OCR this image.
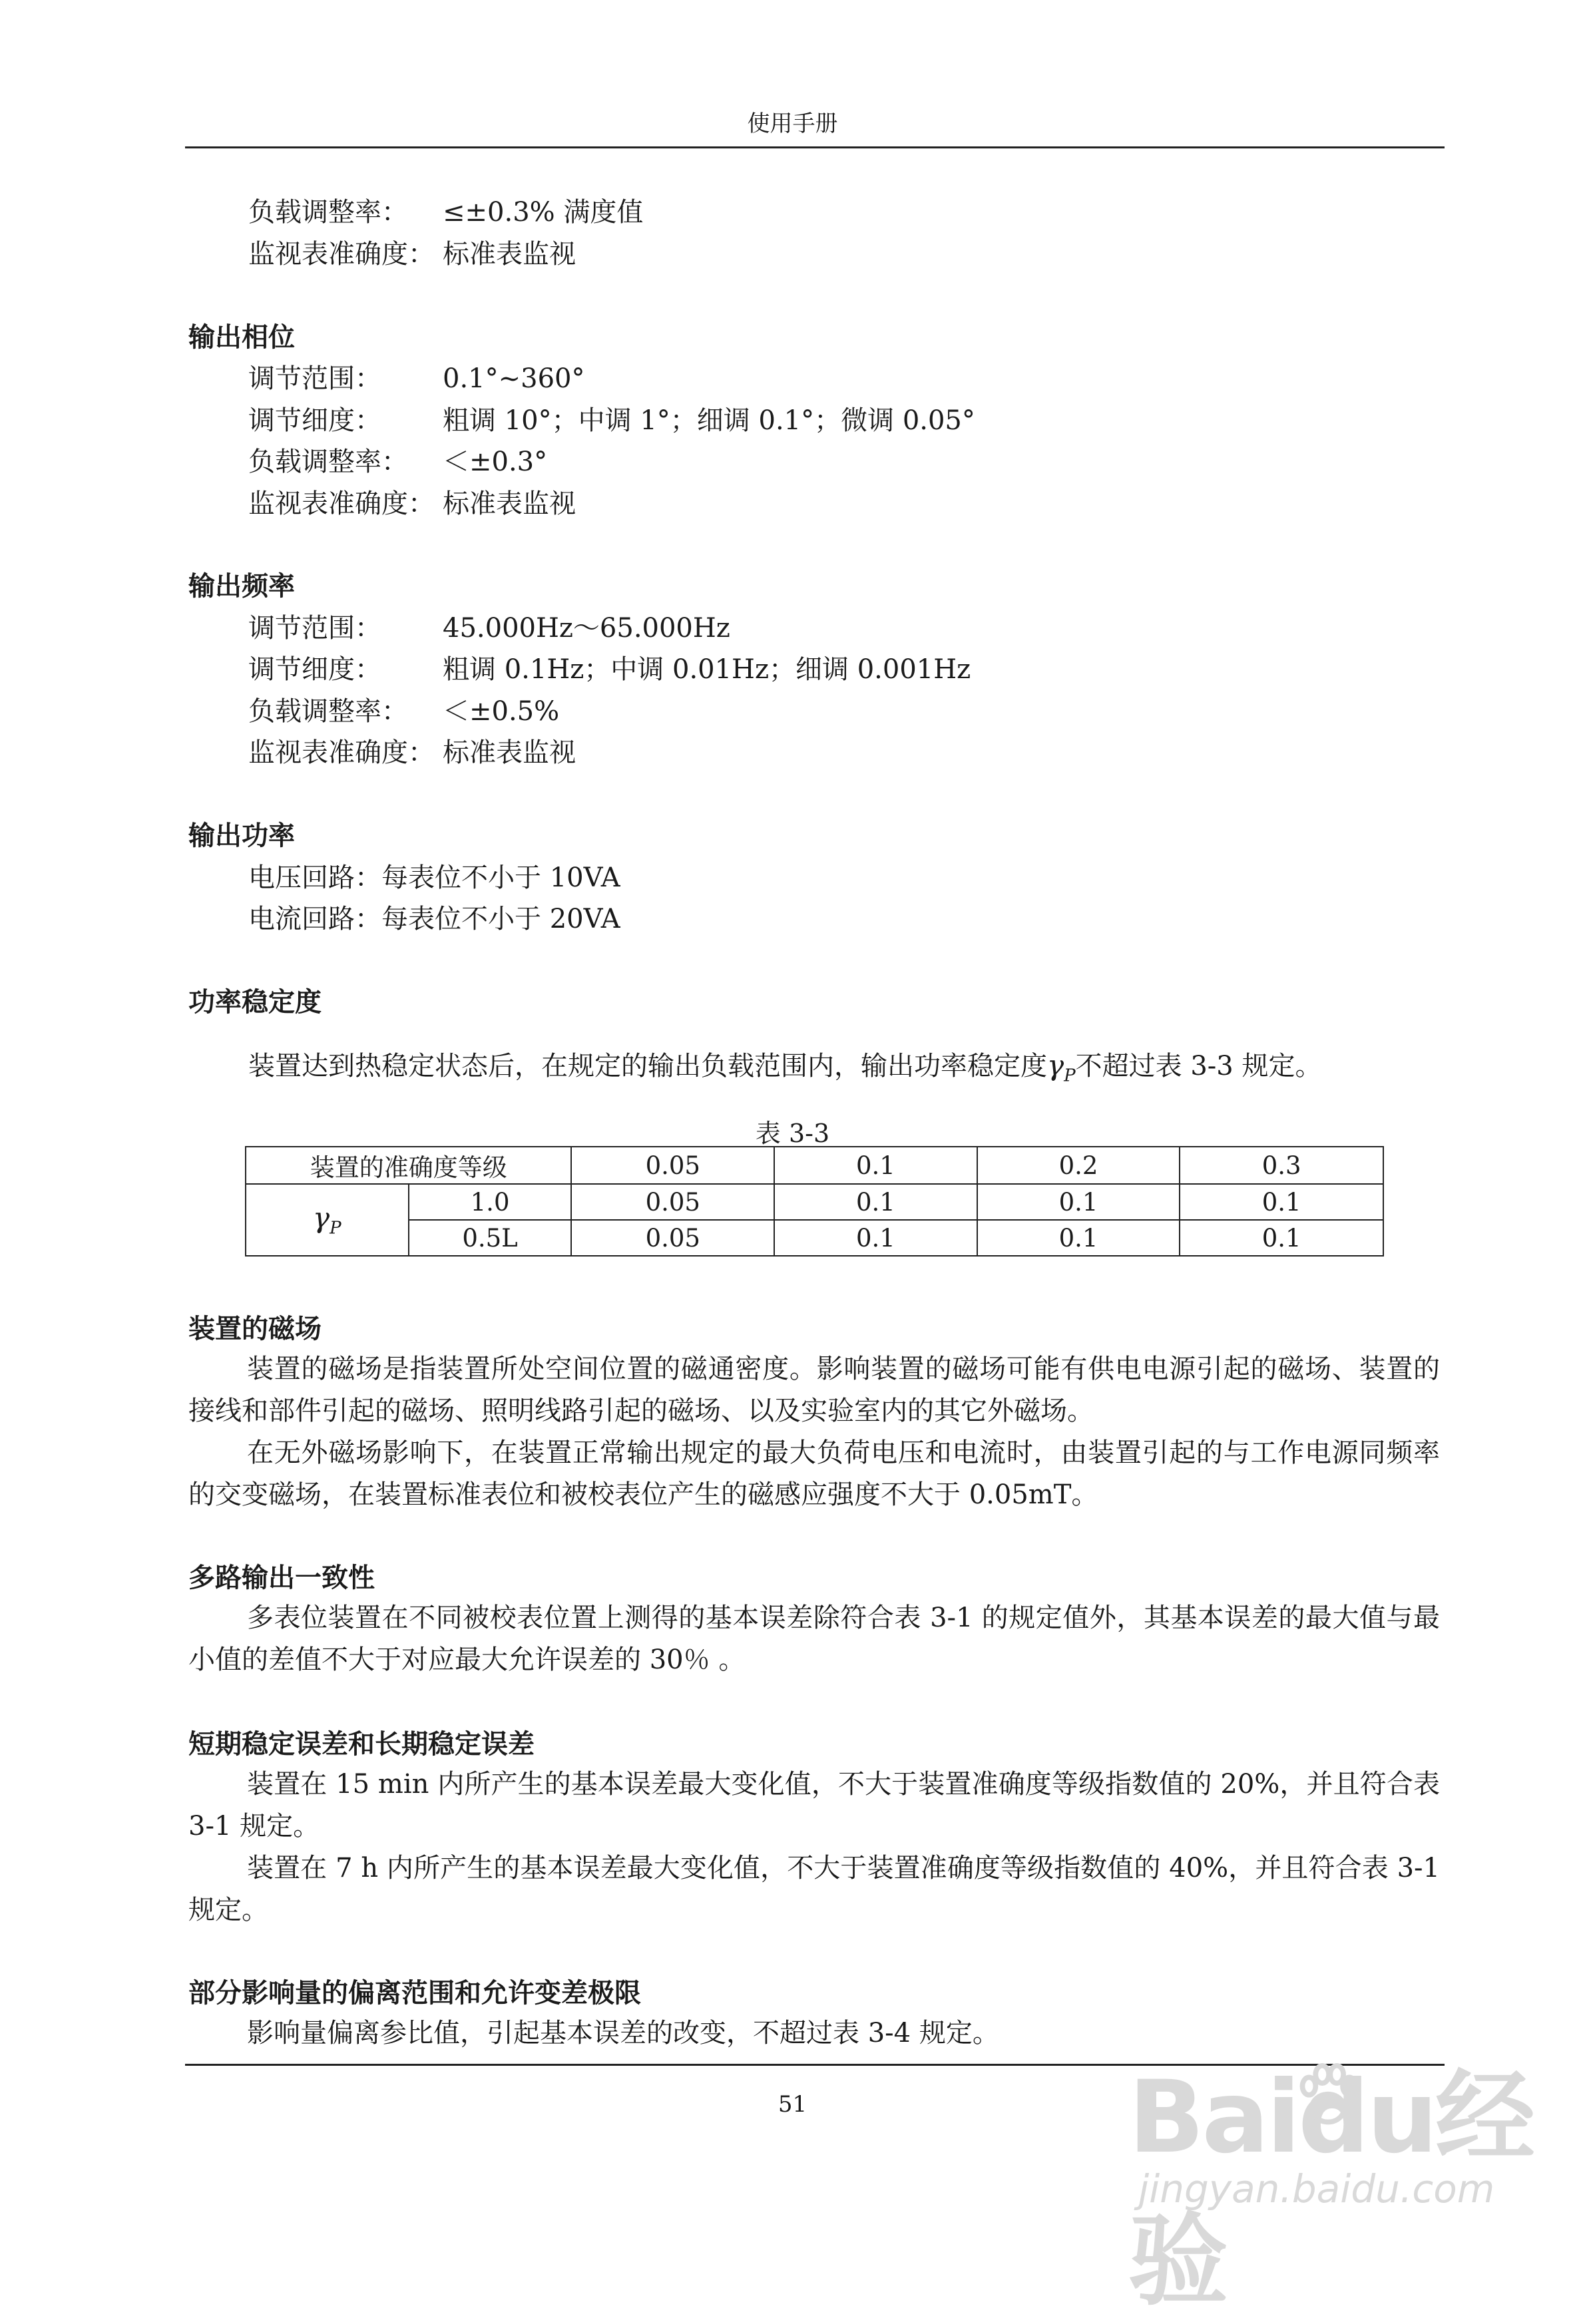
使用手册
负载调整率： ≤±0.3% 满度值
监视表准确度： 标准表监视
输出相位
调节范围： 0.1°~360°
调节细度： 粗调 10°；中调 1°；细调 0.1°；微调 0.05°
负载调整率： ＜±0.3°
监视表准确度： 标准表监视
输出频率
调节范围： 45.000Hz～65.000Hz
调节细度： 粗调 0.1Hz；中调 0.01Hz；细调 0.001Hz
负载调整率： ＜±0.5%
监视表准确度： 标准表监视
输出功率
电压回路：每表位不小于 10VA
电流回路：每表位不小于 20VA
功率稳定度
装置达到热稳定状态后，在规定的输出负载范围内，输出功率稳定度$\gamma_P$不超过表 3-3 规定。
表 3-3
装置的准确度等级		0.05	0.1	0.2	0.3
$\gamma_P$	1.0	0.05	0.1	0.1	0.1
	0.5L	0.05	0.1	0.1	0.1
装置的磁场
装置的磁场是指装置所处空间位置的磁通密度。影响装置的磁场可能有供电电源引起的磁场、装置的接线和部件引起的磁场、照明线路引起的磁场、以及实验室内的其它外磁场。
在无外磁场影响下，在装置正常输出规定的最大负荷电压和电流时，由装置引起的与工作电源同频率的交变磁场，在装置标准表位和被校表位产生的磁感应强度不大于 0.05mT。
多路输出一致性
多表位装置在不同被校表位置上测得的基本误差除符合表 3-1 的规定值外，其基本误差的最大值与最小值的差值不大于对应最大允许误差的 30％ 。
短期稳定误差和长期稳定误差
装置在 15 min 内所产生的基本误差最大变化值，不大于装置准确度等级指数值的 20%，并且符合表 3-1 规定。
装置在 7 h 内所产生的基本误差最大变化值，不大于装置准确度等级指数值的 40%，并且符合表 3-1 规定。
部分影响量的偏离范围和允许变差极限
影响量偏离参比值，引起基本误差的改变，不超过表 3-4 规定。
51	Baidu经验
jingyan.baidu.com
